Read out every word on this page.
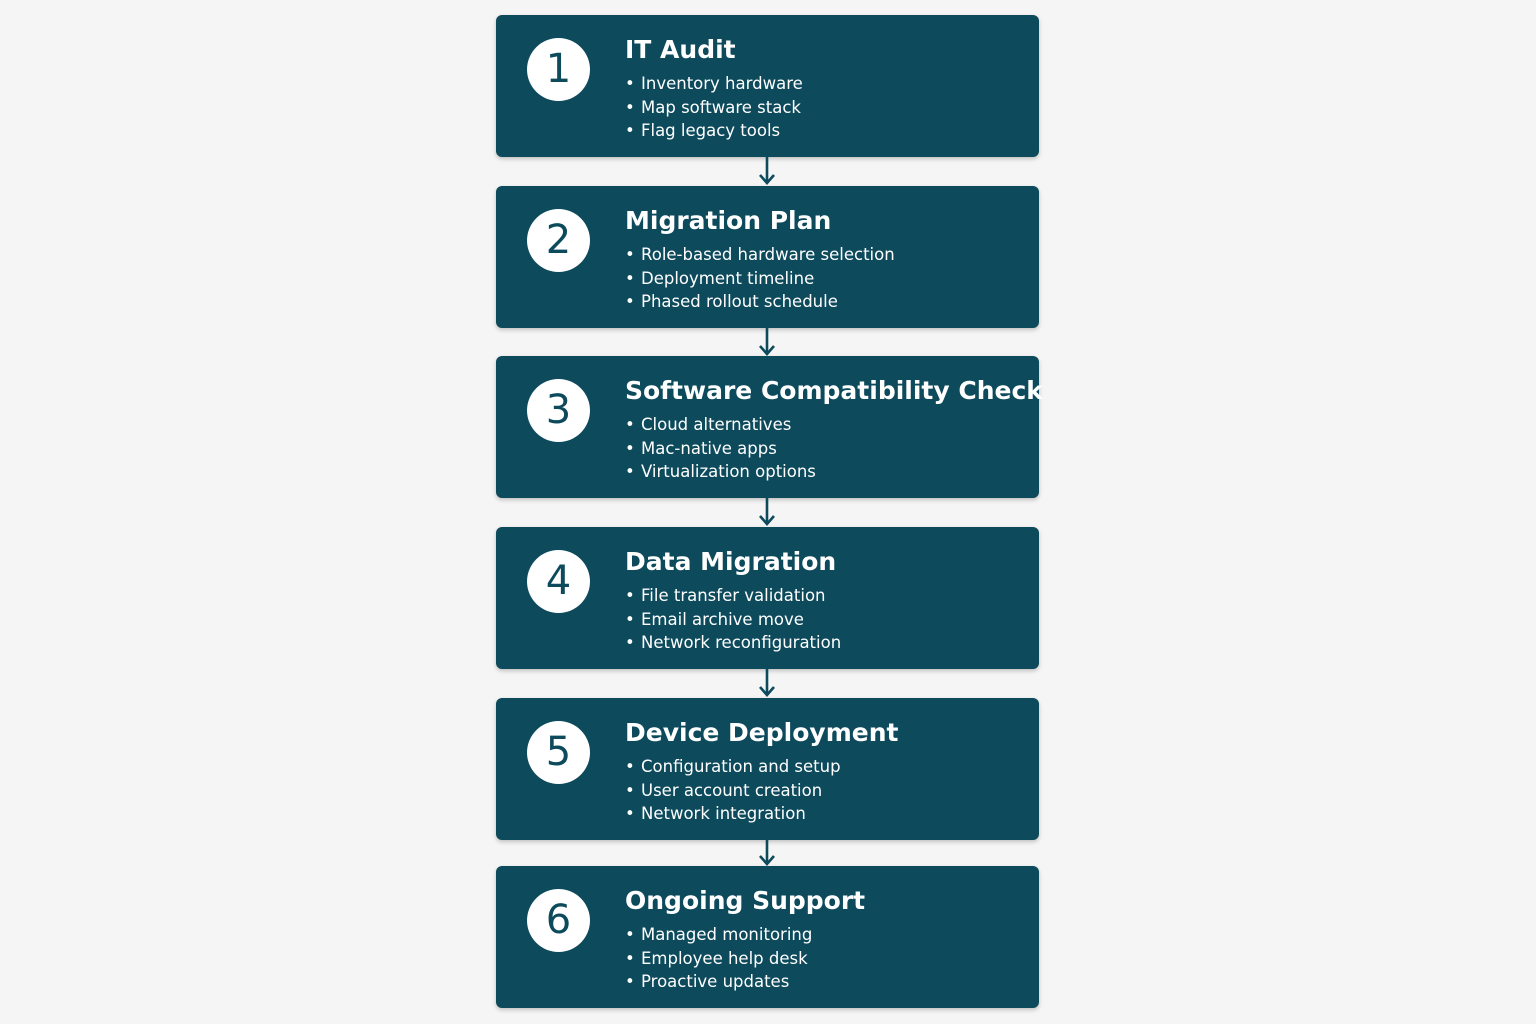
1	IT Audit
• Inventory hardware
• Map software stack
• Flag legacy tools
2	Migration Plan
• Role-based hardware selection
• Deployment timeline
• Phased rollout schedule
3	Software Compatibility Check
• Cloud alternatives
• Mac-native apps
• Virtualization options
4	Data Migration
• File transfer validation
• Email archive move
• Network reconfiguration
5	Device Deployment
• Configuration and setup
• User account creation
• Network integration
6	Ongoing Support
• Managed monitoring
• Employee help desk
• Proactive updates
